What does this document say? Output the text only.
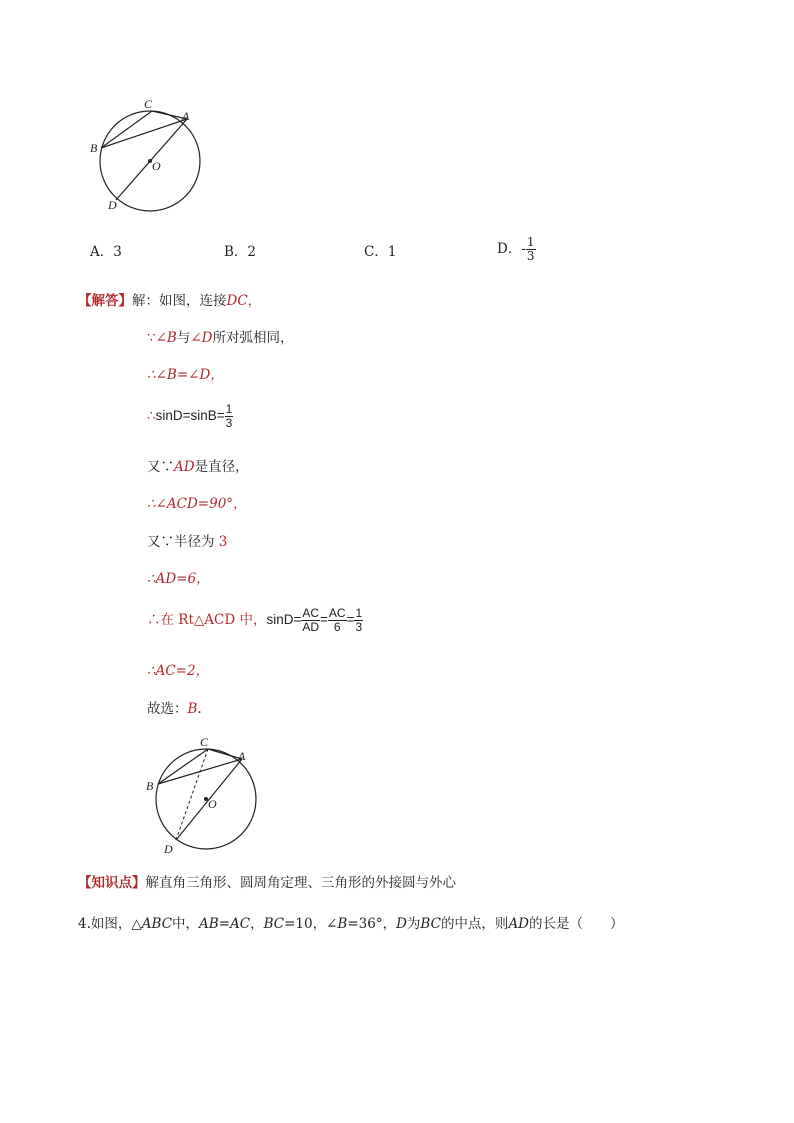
C
A
B
O
D
A．3	B．2	C．1	D．- $\frac{1}{3}$
【解答】解：如图，连接DC，
∵∠B与∠D所对弧相同，
∴∠B=∠D，
∴sinD=sinB= $\frac{1}{3}$
又∵AD是直径，
∴∠ACD=90°，
又∵半径为 3
∴AD=6，
∴在 Rt△ACD 中，$\sin D= \frac{AC}{AD} = \frac{AC}{6} = \frac{1}{3}$
∴AC=2，
故选：B.
C
A
B
O
D
【知识点】解直角三角形、圆周角定理、三角形的外接圆与外心
4.如图，△ABC中，AB=AC，BC=10，∠B=36°，D为BC的中点，则AD的长是（　　）
